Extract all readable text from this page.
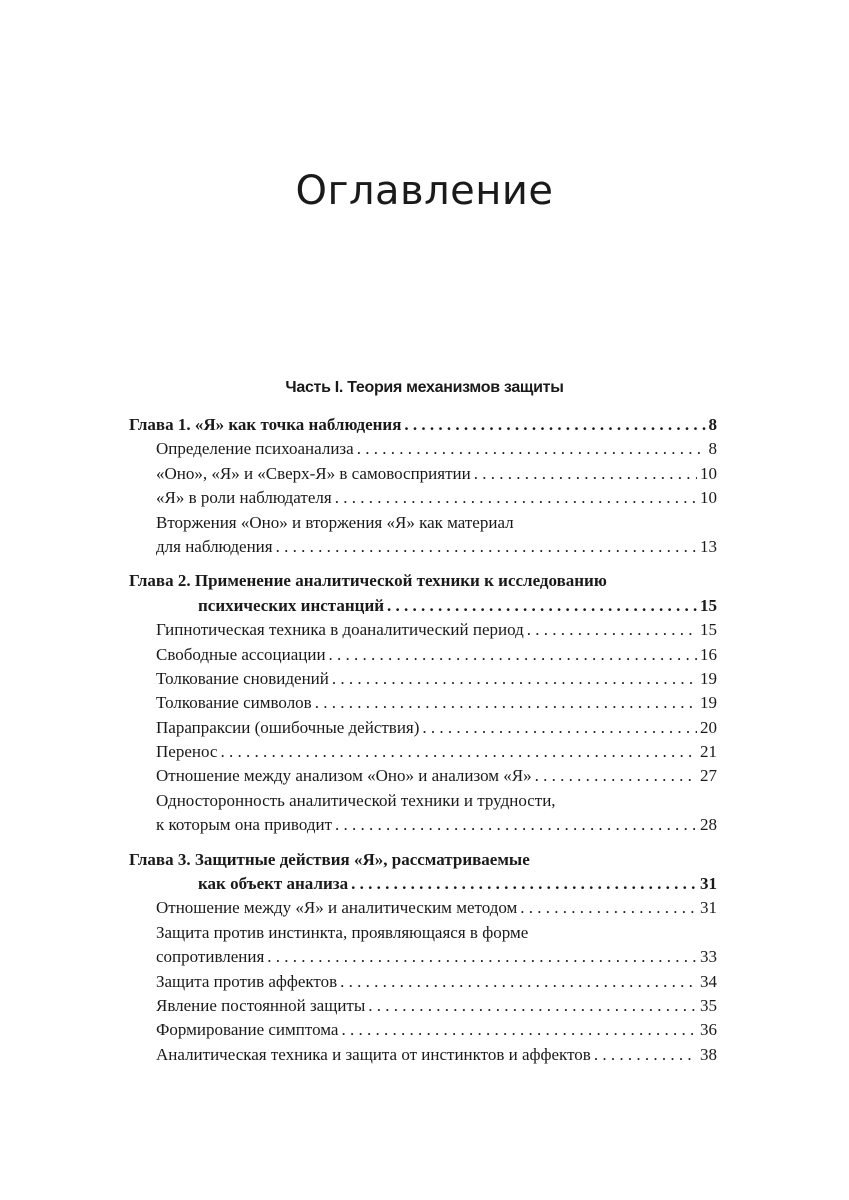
Оглавление
Часть I. Теория механизмов защиты
Глава 1. «Я» как точка наблюдения . . .	8
Определение психоанализа . . .	8
«Оно», «Я» и «Сверх-Я» в самовосприятии . . .	10
«Я» в роли наблюдателя . . .	10
Вторжения «Оно» и вторжения «Я» как материал
для наблюдения . . .	13
Глава 2. Применение аналитической техники к исследованию
психических инстанций . . .	15
Гипнотическая техника в доаналитический период . . .	15
Свободные ассоциации . . .	16
Толкование сновидений . . .	19
Толкование символов . . .	19
Парапраксии (ошибочные действия) . . .	20
Перенос . . .	21
Отношение между анализом «Оно» и анализом «Я» . . .	27
Односторонность аналитической техники и трудности,
к которым она приводит . . .	28
Глава 3. Защитные действия «Я», рассматриваемые
как объект анализа . . .	31
Отношение между «Я» и аналитическим методом . . .	31
Защита против инстинкта, проявляющаяся в форме
сопротивления . . .	33
Защита против аффектов . . .	34
Явление постоянной защиты . . .	35
Формирование симптома . . .	36
Аналитическая техника и защита от инстинктов и аффектов . . .	38
